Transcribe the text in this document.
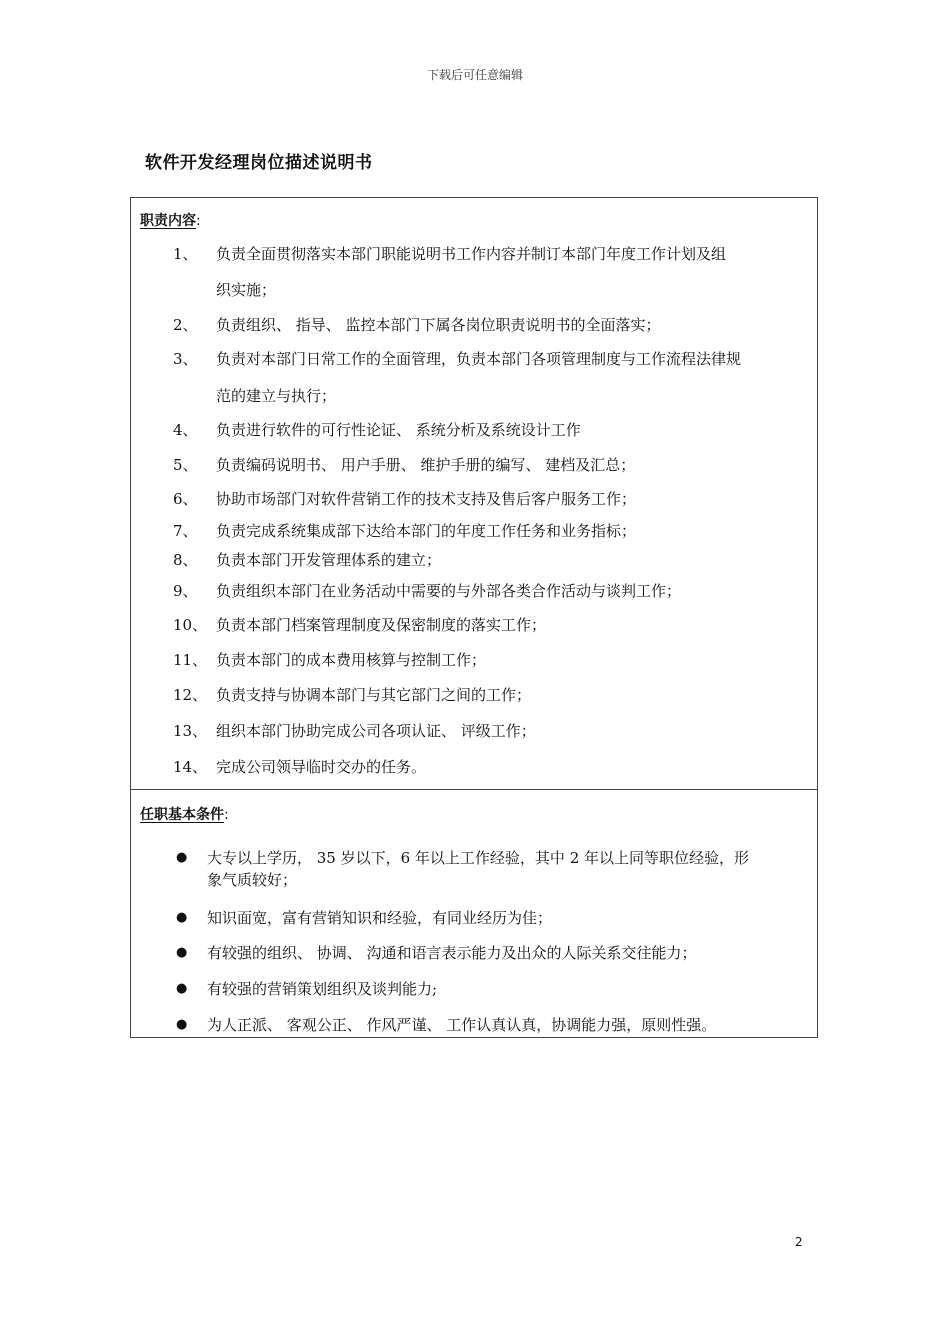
下载后可任意编辑
软件开发经理岗位描述说明书
职责内容:
1、 负责全面贯彻落实本部门职能说明书工作内容并制订本部门年度工作计划及组
织实施；
2、 负责组织、 指导、 监控本部门下属各岗位职责说明书的全面落实；
3、 负责对本部门日常工作的全面管理，负责本部门各项管理制度与工作流程法律规
范的建立与执行；
4、 负责进行软件的可行性论证、 系统分析及系统设计工作
5、 负责编码说明书、 用户手册、 维护手册的编写、 建档及汇总；
6、 协助市场部门对软件营销工作的技术支持及售后客户服务工作；
7、 负责完成系统集成部下达给本部门的年度工作任务和业务指标；
8、 负责本部门开发管理体系的建立；
9、 负责组织本部门在业务活动中需要的与外部各类合作活动与谈判工作；
10、 负责本部门档案管理制度及保密制度的落实工作；
11、 负责本部门的成本费用核算与控制工作；
12、 负责支持与协调本部门与其它部门之间的工作；
13、 组织本部门协助完成公司各项认证、 评级工作；
14、 完成公司领导临时交办的任务。
任职基本条件:
● 大专以上学历， 35 岁以下，6 年以上工作经验，其中 2 年以上同等职位经验，形
象气质较好；
● 知识面宽，富有营销知识和经验，有同业经历为佳；
● 有较强的组织、 协调、 沟通和语言表示能力及出众的人际关系交往能力；
● 有较强的营销策划组织及谈判能力;
● 为人正派、 客观公正、 作风严谨、 工作认真认真，协调能力强，原则性强。
2
